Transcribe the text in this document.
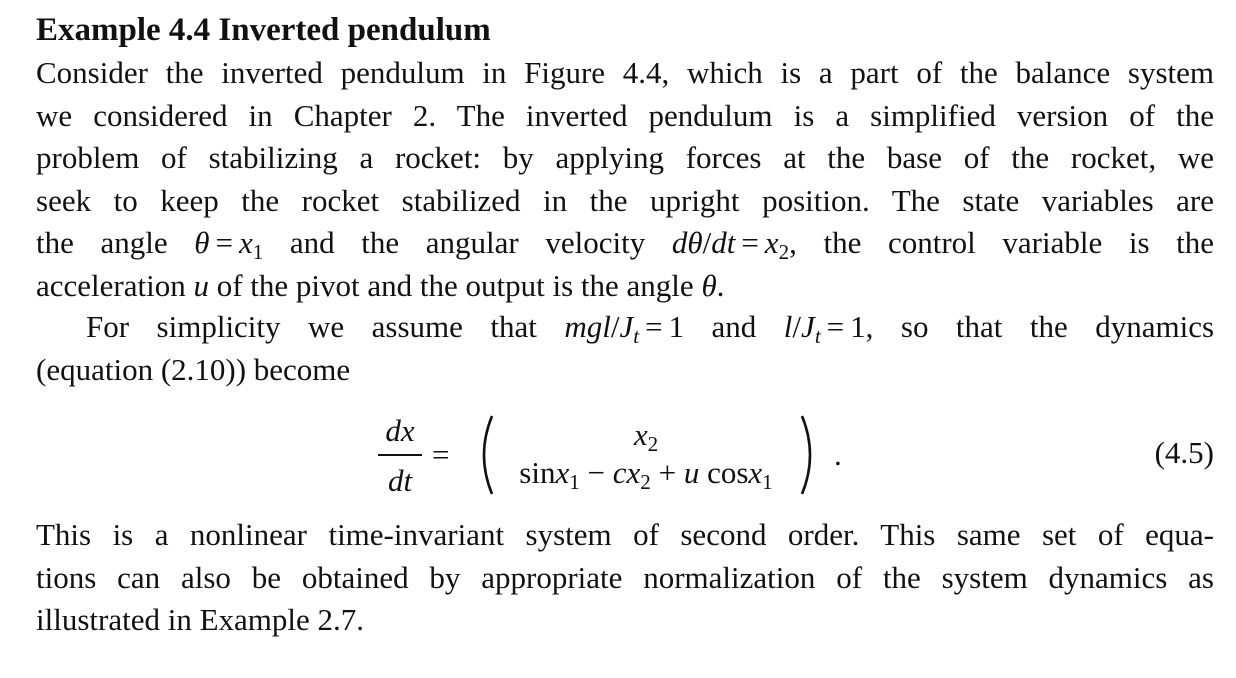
Example 4.4 Inverted pendulum
Consider the inverted pendulum in Figure 4.4, which is a part of the balance system
we considered in Chapter 2. The inverted pendulum is a simplified version of the
problem of stabilizing a rocket: by applying forces at the base of the rocket, we
seek to keep the rocket stabilized in the upright position. The state variables are
the angle $\theta = x_1$ and the angular velocity $d\theta/dt = x_2$, the control variable is the
acceleration u of the pivot and the output is the angle θ.
For simplicity we assume that mgl/$J_t = 1$ and $l/J_t = 1$, so that the dynamics
(equation (2.10)) become
dx
dt
=
$x_2$
$\sin x_1 - cx_2 + u$ cosx$_1$
.	(4.5)
This is a nonlinear time-invariant system of second order. This same set of equa-
tions can also be obtained by appropriate normalization of the system dynamics as
illustrated in Example 2.7.
